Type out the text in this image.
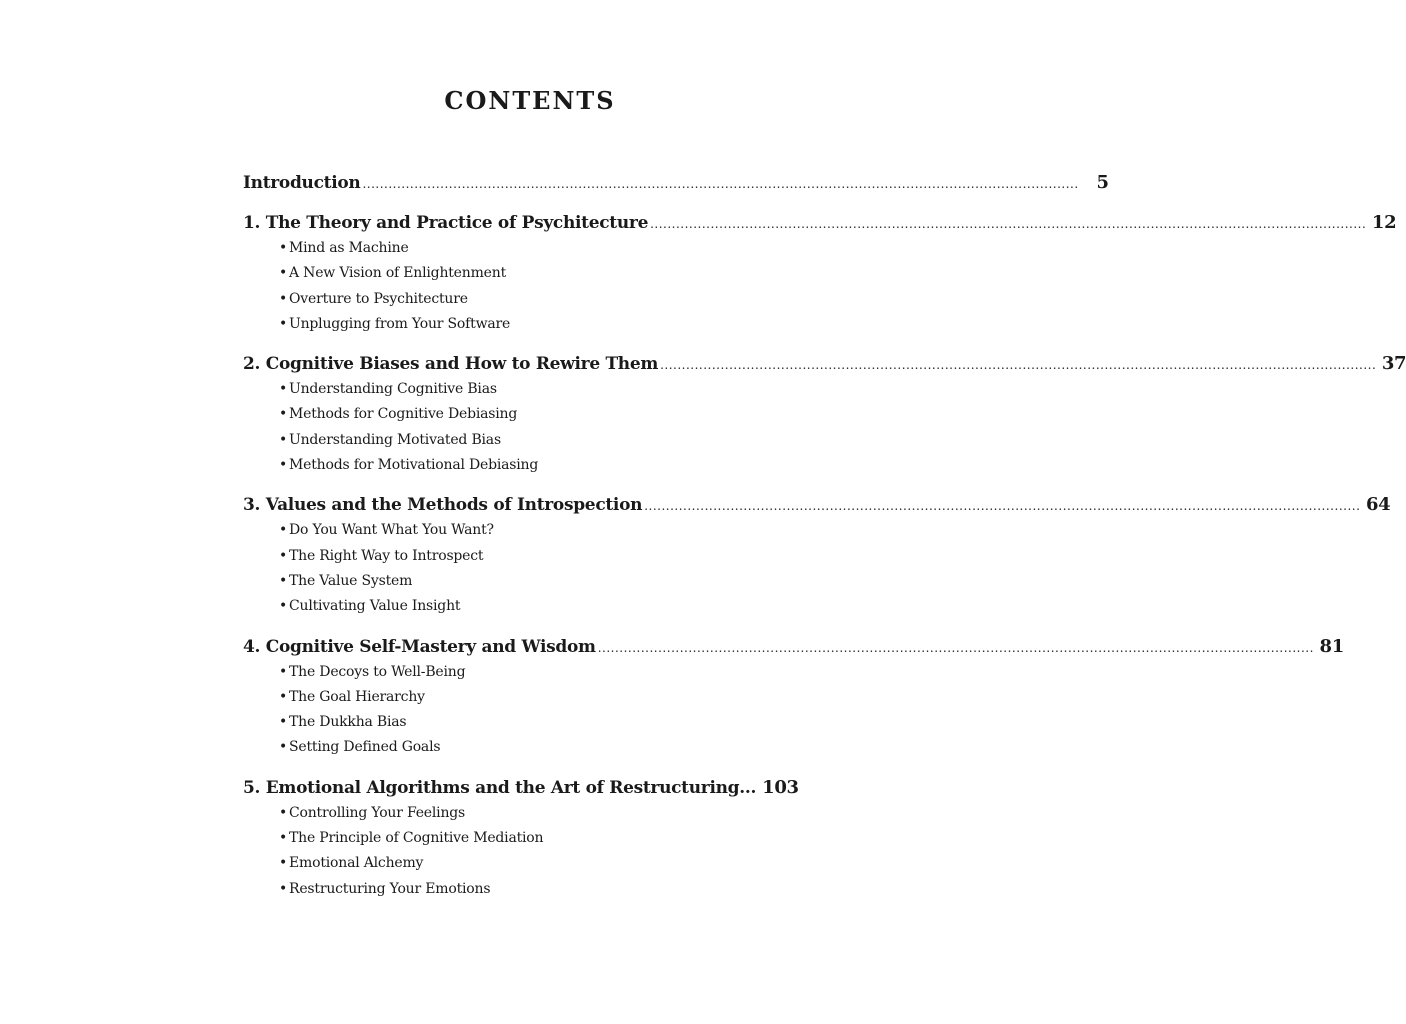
CONTENTS
Introduction ...................................................................................................................................................................... 5
1. The Theory and Practice of Psychitecture ...................................................................................................................................................................... 12
• Mind as Machine
• A New Vision of Enlightenment
• Overture to Psychitecture
• Unplugging from Your Software
2. Cognitive Biases and How to Rewire Them ...................................................................................................................................................................... 37
• Understanding Cognitive Bias
• Methods for Cognitive Debiasing
• Understanding Motivated Bias
• Methods for Motivational Debiasing
3. Values and the Methods of Introspection ...................................................................................................................................................................... 64
• Do You Want What You Want?
• The Right Way to Introspect
• The Value System
• Cultivating Value Insight
4. Cognitive Self-Mastery and Wisdom ...................................................................................................................................................................... 81
• The Decoys to Well-Being
• The Goal Hierarchy
• The Dukkha Bias
• Setting Defined Goals
5. Emotional Algorithms and the Art of Restructuring... 103
• Controlling Your Feelings
• The Principle of Cognitive Mediation
• Emotional Alchemy
• Restructuring Your Emotions
